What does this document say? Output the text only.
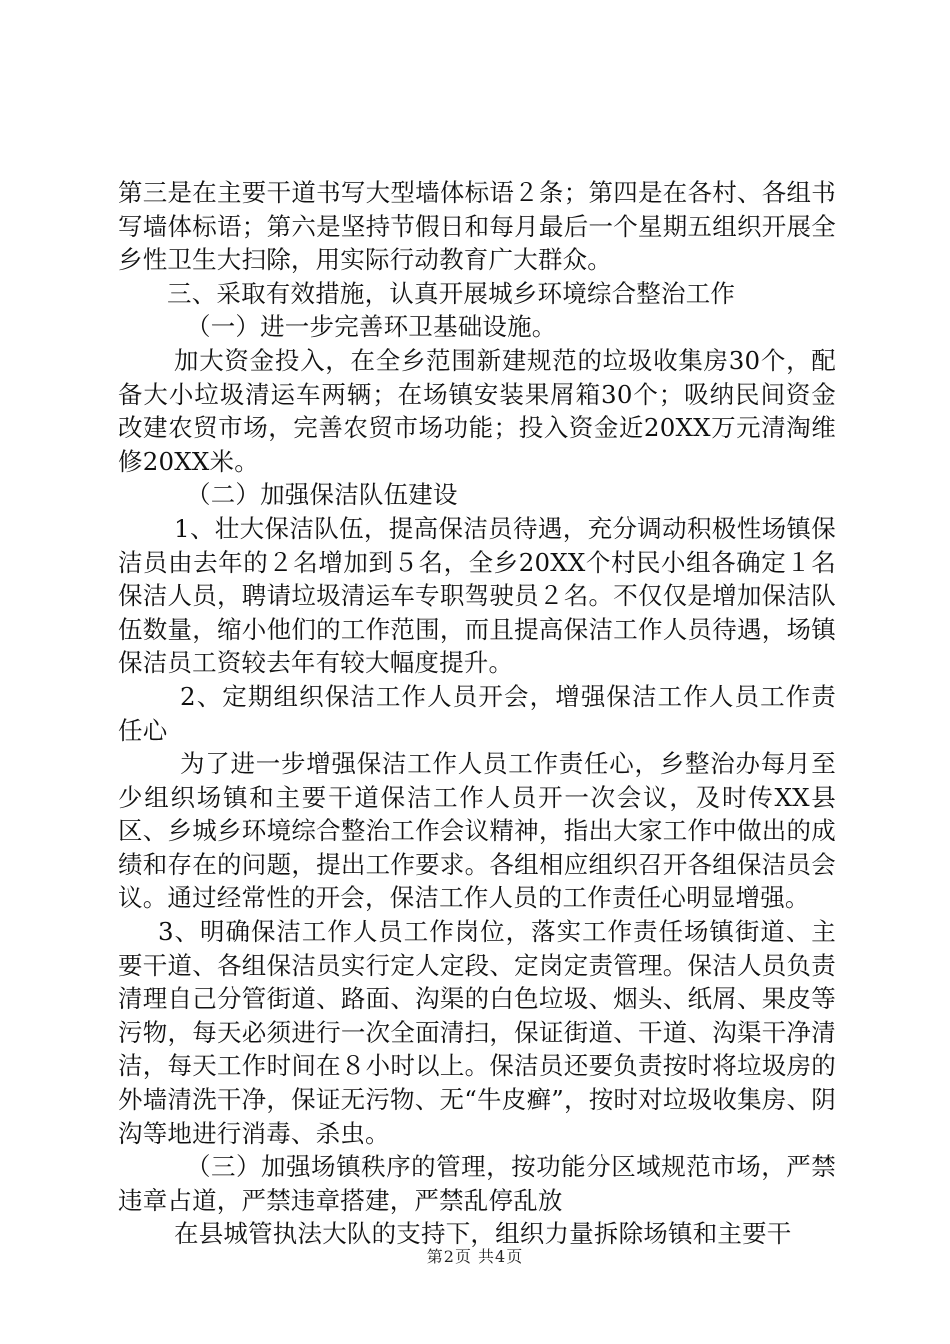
第三是在主要干道书写大型墙体标语２条；第四是在各村、各组书写墙体标语；第六是坚持节假日和每月最后一个星期五组织开展全乡性卫生大扫除，用实际行动教育广大群众。

三、采取有效措施，认真开展城乡环境综合整治工作

（一）进一步完善环卫基础设施。

加大资金投入，在全乡范围新建规范的垃圾收集房30个，配备大小垃圾清运车两辆；在场镇安装果屑箱30个；吸纳民间资金改建农贸市场，完善农贸市场功能；投入资金近20XX万元清淘维修20XX米。

（二）加强保洁队伍建设

1、壮大保洁队伍，提高保洁员待遇，充分调动积极性场镇保洁员由去年的２名增加到５名，全乡20XX个村民小组各确定１名保洁人员，聘请垃圾清运车专职驾驶员２名。不仅仅是增加保洁队伍数量，缩小他们的工作范围，而且提高保洁工作人员待遇，场镇保洁员工资较去年有较大幅度提升。

2、定期组织保洁工作人员开会，增强保洁工作人员工作责任心

为了进一步增强保洁工作人员工作责任心，乡整治办每月至少组织场镇和主要干道保洁工作人员开一次会议，及时传XX县区、乡城乡环境综合整治工作会议精神，指出大家工作中做出的成绩和存在的问题，提出工作要求。各组相应组织召开各组保洁员会议。通过经常性的开会，保洁工作人员的工作责任心明显增强。

3、明确保洁工作人员工作岗位，落实工作责任场镇街道、主要干道、各组保洁员实行定人定段、定岗定责管理。保洁人员负责清理自己分管街道、路面、沟渠的白色垃圾、烟头、纸屑、果皮等污物，每天必须进行一次全面清扫，保证街道、干道、沟渠干净清洁，每天工作时间在８小时以上。保洁员还要负责按时将垃圾房的外墙清洗干净，保证无污物、无“牛皮癣”，按时对垃圾收集房、阴沟等地进行消毒、杀虫。

（三）加强场镇秩序的管理，按功能分区域规范市场，严禁违章占道，严禁违章搭建，严禁乱停乱放

在县城管执法大队的支持下，组织力量拆除场镇和主要干

第2页 共4页
